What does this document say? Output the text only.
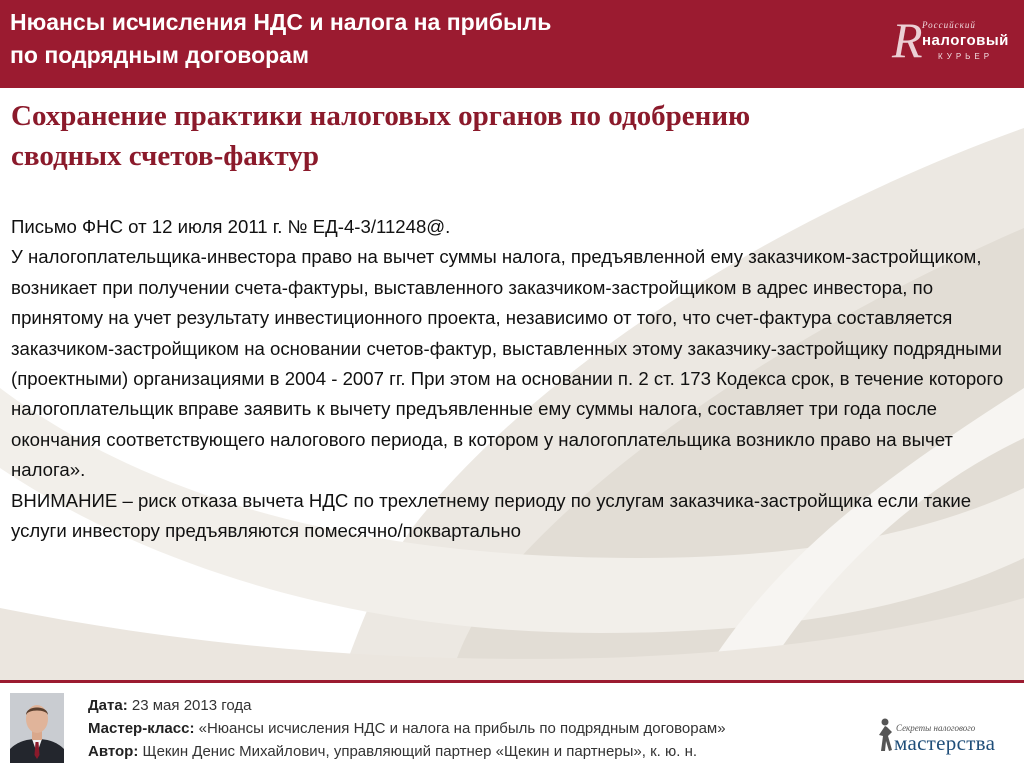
Нюансы исчисления НДС и налога на прибыль
по подрядным договорам	R Российский
налоговый
КУРЬЕР
Сохранение практики налоговых органов по одобрению
сводных счетов-фактур

Письмо ФНС от 12 июля 2011 г. № ЕД-4-3/11248@.

У налогоплательщика-инвестора право на вычет суммы налога, предъявленной ему заказчиком-застройщиком, возникает при получении счета-фактуры, выставленного заказчиком-застройщиком в адрес инвестора, по принятому на учет результату инвестиционного проекта, независимо от того, что счет-фактура составляется заказчиком-застройщиком на основании счетов-фактур, выставленных этому заказчику-застройщику подрядными (проектными) организациями в 2004 - 2007 гг. При этом на основании п. 2 ст. 173 Кодекса срок, в течение которого налогоплательщик вправе заявить к вычету предъявленные ему суммы налога, составляет три года после окончания соответствующего налогового периода, в котором у налогоплательщика возникло право на вычет налога».

ВНИМАНИЕ – риск отказа вычета НДС по трехлетнему периоду по услугам заказчика-застройщика если такие услуги инвестору предъявляются помесячно/поквартально

Дата: 23 мая 2013 года
Мастер-класс: «Нюансы исчисления НДС и налога на прибыль по подрядным договорам»
Автор: Щекин Денис Михайлович, управляющий партнер «Щекин и партнеры», к. ю. н.
Секреты налогового
мастерства
